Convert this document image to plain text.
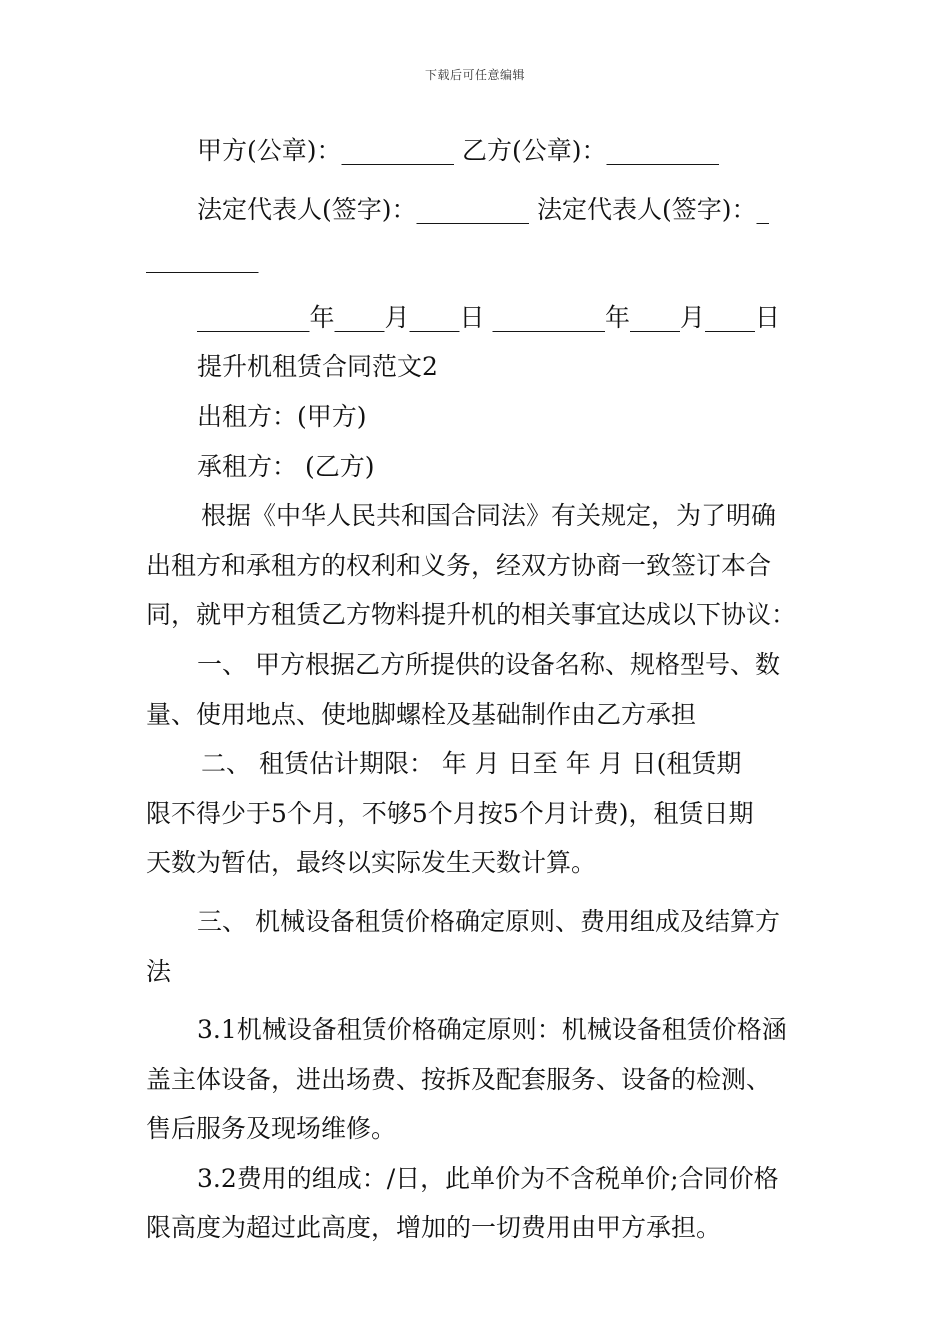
下载后可任意编辑
甲方(公章)：_________ 乙方(公章)：_________
法定代表人(签字)：_________ 法定代表人(签字)：_
_________
_________年____月____日 _________年____月____日
提升机租赁合同范文2
出租方：(甲方)
承租方： (乙方)
根据《中华人民共和国合同法》有关规定，为了明确
出租方和承租方的权利和义务，经双方协商一致签订本合
同，就甲方租赁乙方物料提升机的相关事宜达成以下协议：
一、 甲方根据乙方所提供的设备名称、规格型号、数
量、使用地点、使地脚螺栓及基础制作由乙方承担
二、 租赁估计期限： 年 月 日至 年 月 日(租赁期
限不得少于5个月，不够5个月按5个月计费)，租赁日期
天数为暂估，最终以实际发生天数计算。
三、 机械设备租赁价格确定原则、费用组成及结算方
法
3.1机械设备租赁价格确定原则：机械设备租赁价格涵
盖主体设备，进出场费、按拆及配套服务、设备的检测、
售后服务及现场维修。
3.2费用的组成：/日，此单价为不含税单价;合同价格
限高度为超过此高度，增加的一切费用由甲方承担。
